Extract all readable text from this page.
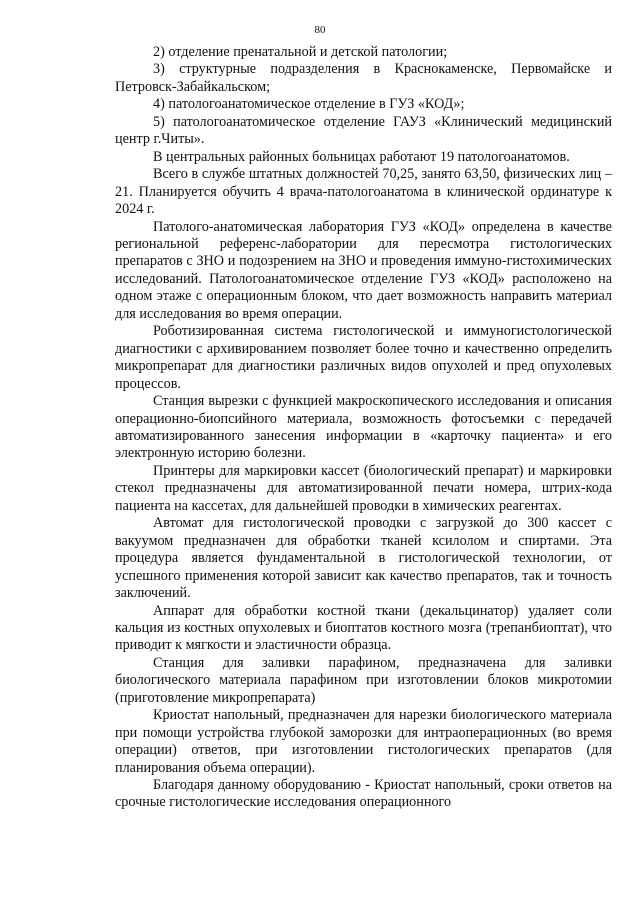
80

2) отделение пренатальной и детской патологии;

3) структурные подразделения в Краснокаменске, Первомайске и Петровск-Забайкальском;

4) патологоанатомическое отделение в ГУЗ «КОД»;

5) патологоанатомическое отделение ГАУЗ «Клинический медицинский центр г.Читы».

В центральных районных больницах работают 19 патологоанатомов.

Всего в службе штатных должностей 70,25, занято 63,50, физических лиц – 21. Планируется обучить 4 врача-патологоанатома в клинической ординатуре к 2024 г.

Патолого-анатомическая лаборатория ГУЗ «КОД» определена в качестве региональной референс-лаборатории для пересмотра гистологических препаратов с ЗНО и подозрением на ЗНО и проведения иммуно-гистохимических исследований. Патологоанатомическое отделение ГУЗ «КОД» расположено на одном этаже с операционным блоком, что дает возможность направить материал для исследования во время операции.

Роботизированная система гистологической и иммуногистологической диагностики с архивированием позволяет более точно и качественно определить микропрепарат для диагностики различных видов опухолей и пред опухолевых процессов.

Станция вырезки с функцией макроскопического исследования и описания операционно-биопсийного материала, возможность фотосъемки с передачей автоматизированного занесения информации в «карточку пациента» и его электронную историю болезни.

Принтеры для маркировки кассет (биологический препарат) и маркировки стекол предназначены для автоматизированной печати номера, штрих-кода пациента на кассетах, для дальнейшей проводки в химических реагентах.

Автомат для гистологической проводки с загрузкой до 300 кассет с вакуумом предназначен для обработки тканей ксилолом и спиртами. Эта процедура является фундаментальной в гистологической технологии, от успешного применения которой зависит как качество препаратов, так и точность заключений.

Аппарат для обработки костной ткани (декальцинатор) удаляет соли кальция из костных опухолевых и биоптатов костного мозга (трепанбиоптат), что приводит к мягкости и эластичности образца.

Станция для заливки парафином, предназначена для заливки биологического материала парафином при изготовлении блоков микротомии (приготовление микропрепарата)

Криостат напольный, предназначен для нарезки биологического материала при помощи устройства глубокой заморозки для интраоперационных (во время операции) ответов, при изготовлении гистологических препаратов (для планирования объема операции).

Благодаря данному оборудованию - Криостат напольный, сроки ответов на срочные гистологические исследования операционного
